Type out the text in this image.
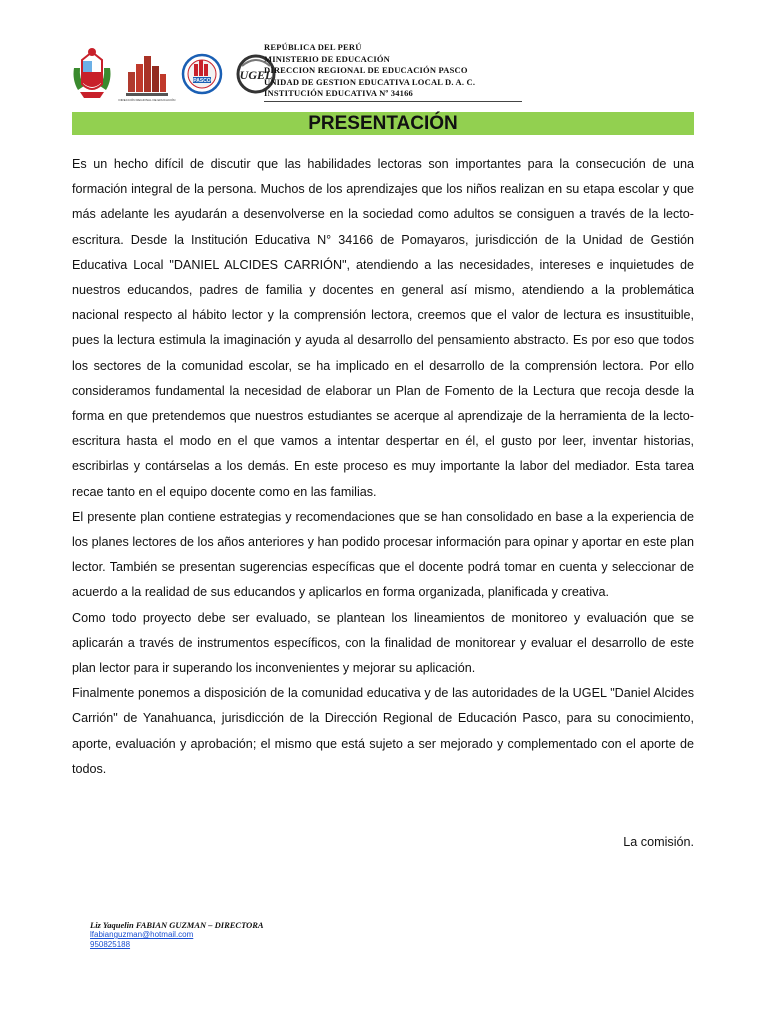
DIRECCIÓN REGIONAL DE EDUCACIÓN
PASCO UGEL
REPÚBLICA DEL PERÚ
MINISTERIO DE EDUCACIÓN
DIRECCION REGIONAL DE EDUCACIÓN PASCO
UNIDAD DE GESTION EDUCATIVA LOCAL D. A. C.
INSTITUCIÓN EDUCATIVA Nº 34166
PRESENTACIÓN

Es un hecho difícil de discutir que las habilidades lectoras son importantes para la consecución de una formación integral de la persona. Muchos de los aprendizajes que los niños realizan en su etapa escolar y que más adelante les ayudarán a desenvolverse en la sociedad como adultos se consiguen a través de la lecto-escritura. Desde la Institución Educativa N° 34166 de Pomayaros, jurisdicción de la Unidad de Gestión Educativa Local "DANIEL ALCIDES CARRIÓN", atendiendo a las necesidades, intereses e inquietudes de nuestros educandos, padres de familia y docentes en general así mismo, atendiendo a la problemática nacional respecto al hábito lector y la comprensión lectora, creemos que el valor de lectura es insustituible, pues la lectura estimula la imaginación y ayuda al desarrollo del pensamiento abstracto. Es por eso que todos los sectores de la comunidad escolar, se ha implicado en el desarrollo de la comprensión lectora. Por ello consideramos fundamental la necesidad de elaborar un Plan de Fomento de la Lectura que recoja desde la forma en que pretendemos que nuestros estudiantes se acerque al aprendizaje de la herramienta de la lecto-escritura hasta el modo en el que vamos a intentar despertar en él, el gusto por leer, inventar historias, escribirlas y contárselas a los demás. En este proceso es muy importante la labor del mediador. Esta tarea recae tanto en el equipo docente como en las familias.

El presente plan contiene estrategias y recomendaciones que se han consolidado en base a la experiencia de los planes lectores de los años anteriores y han podido procesar información para opinar y aportar en este plan lector. También se presentan sugerencias específicas que el docente podrá tomar en cuenta y seleccionar de acuerdo a la realidad de sus educandos y aplicarlos en forma organizada, planificada y creativa.

Como todo proyecto debe ser evaluado, se plantean los lineamientos de monitoreo y evaluación que se aplicarán a través de instrumentos específicos, con la finalidad de monitorear y evaluar el desarrollo de este plan lector para ir superando los inconvenientes y mejorar su aplicación.

Finalmente ponemos a disposición de la comunidad educativa y de las autoridades de la UGEL "Daniel Alcides Carrión" de Yanahuanca, jurisdicción de la Dirección Regional de Educación Pasco, para su conocimiento, aporte, evaluación y aprobación; el mismo que está sujeto a ser mejorado y complementado con el aporte de todos.

La comisión.
Liz Yaquelin FABIAN GUZMAN – DIRECTORA
lfabianguzman@hotmail.com
950825188
